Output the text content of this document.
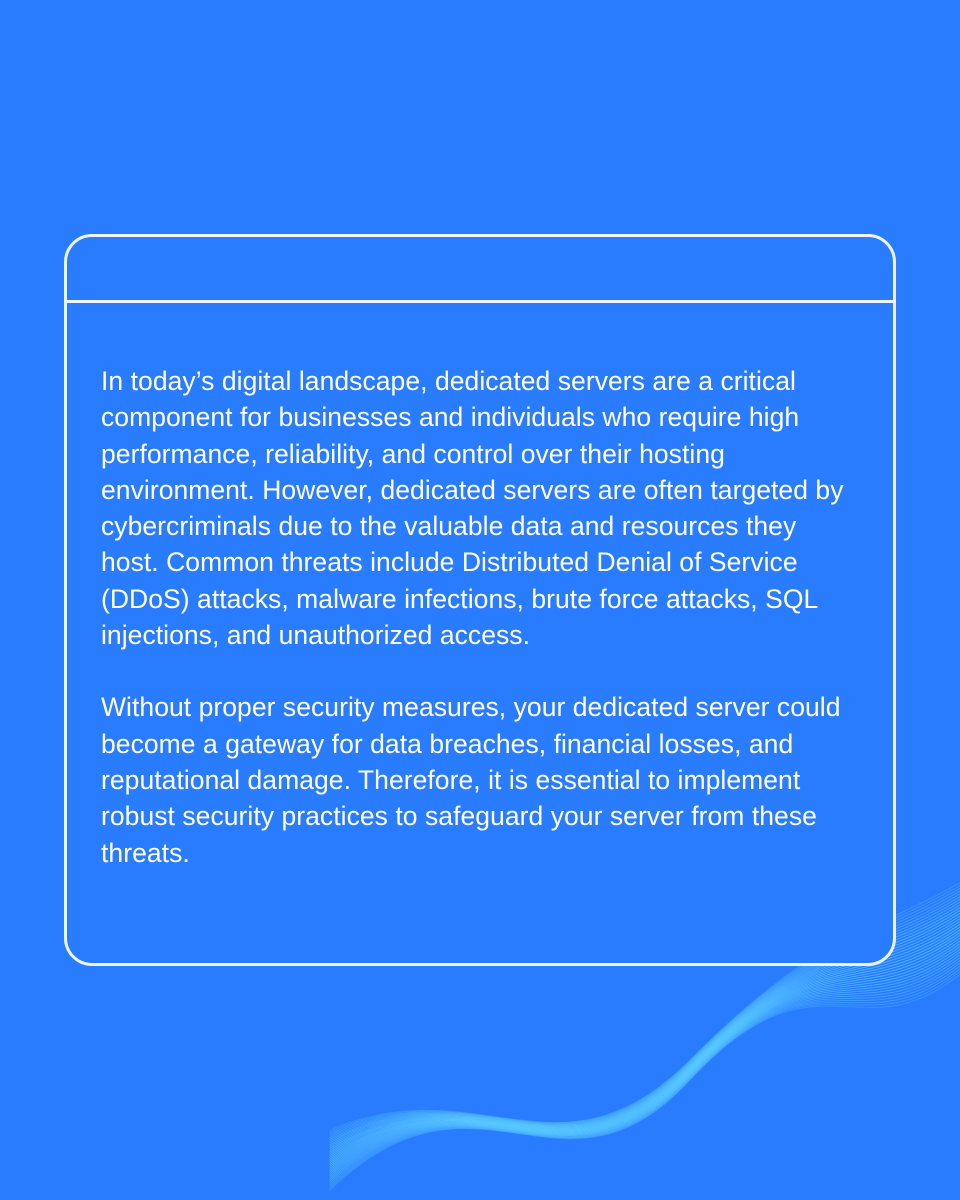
In today’s digital landscape, dedicated servers are a critical component for businesses and individuals who require high performance, reliability, and control over their hosting environment. However, dedicated servers are often targeted by cybercriminals due to the valuable data and resources they host. Common threats include Distributed Denial of Service (DDoS) attacks, malware infections, brute force attacks, SQL injections, and unauthorized access.

Without proper security measures, your dedicated server could become a gateway for data breaches, financial losses, and reputational damage. Therefore, it is essential to implement robust security practices to safeguard your server from these threats.
